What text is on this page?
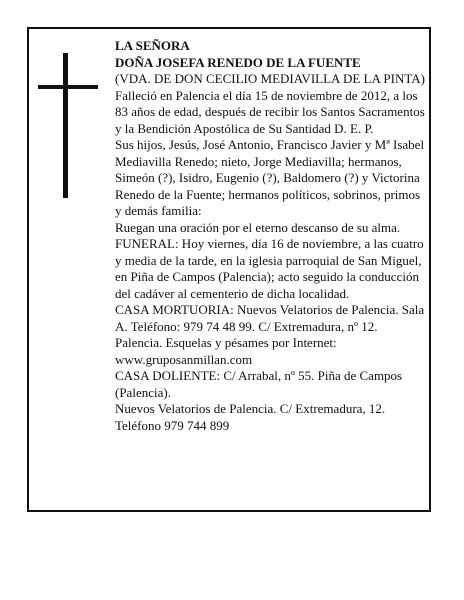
LA SEÑORA

DOÑA JOSEFA RENEDO DE LA FUENTE

(VDA. DE DON CECILIO MEDIAVILLA DE LA PINTA)

Falleció en Palencia el día 15 de noviembre de 2012, a los 83 años de edad, después de recibir los Santos Sacramentos y la Bendición Apostólica de Su Santidad D. E. P.

Sus hijos, Jesús, José Antonio, Francisco Javier y Mª Isabel Mediavilla Renedo; nieto, Jorge Mediavilla; hermanos, Simeón (?), Isidro, Eugenio (?), Baldomero (?) y Victorina Renedo de la Fuente; hermanos políticos, sobrinos, primos y demás familia:

Ruegan una oración por el eterno descanso de su alma.

FUNERAL: Hoy viernes, día 16 de noviembre, a las cuatro y media de la tarde, en la iglesia parroquial de San Miguel, en Piña de Campos (Palencia); acto seguido la conducción del cadáver al cementerio de dicha localidad.

CASA MORTUORIA: Nuevos Velatorios de Palencia. Sala A. Teléfono: 979 74 48 99. C/ Extremadura, nº 12. Palencia. Esquelas y pésames por Internet: www.gruposanmillan.com

CASA DOLIENTE: C/ Arrabal, nº 55. Piña de Campos (Palencia).

Nuevos Velatorios de Palencia. C/ Extremadura, 12. Teléfono 979 744 899
